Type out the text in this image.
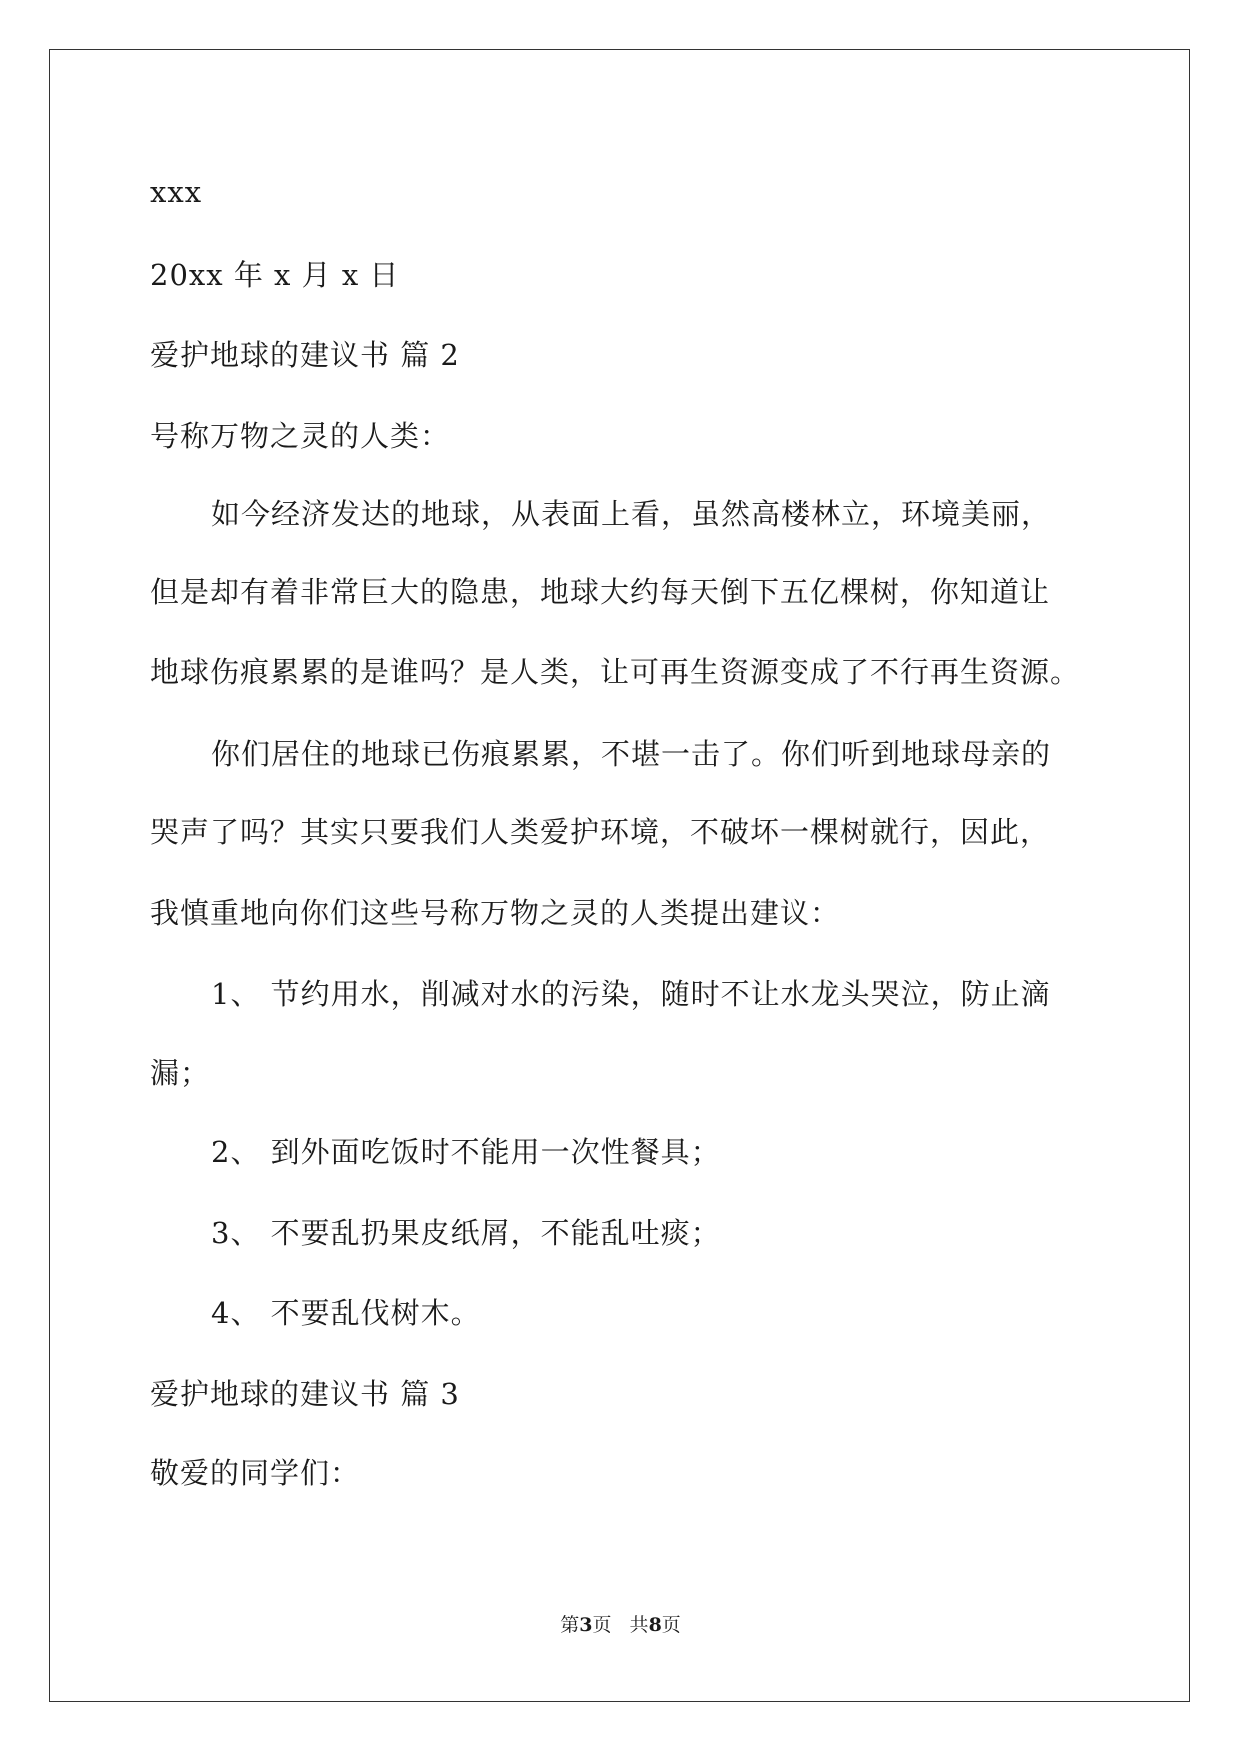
xxx
20xx 年 x 月 x 日
爱护地球的建议书 篇 2
号称万物之灵的人类：
如今经济发达的地球，从表面上看，虽然高楼林立，环境美丽，
但是却有着非常巨大的隐患，地球大约每天倒下五亿棵树，你知道让
地球伤痕累累的是谁吗？是人类，让可再生资源变成了不行再生资源。
你们居住的地球已伤痕累累，不堪一击了。你们听到地球母亲的
哭声了吗？其实只要我们人类爱护环境，不破坏一棵树就行，因此，
我慎重地向你们这些号称万物之灵的人类提出建议：
1、 节约用水，削减对水的污染，随时不让水龙头哭泣，防止滴
漏；
2、 到外面吃饭时不能用一次性餐具；
3、 不要乱扔果皮纸屑，不能乱吐痰；
4、 不要乱伐树木。
爱护地球的建议书 篇 3
敬爱的同学们：
第3页   共8页
